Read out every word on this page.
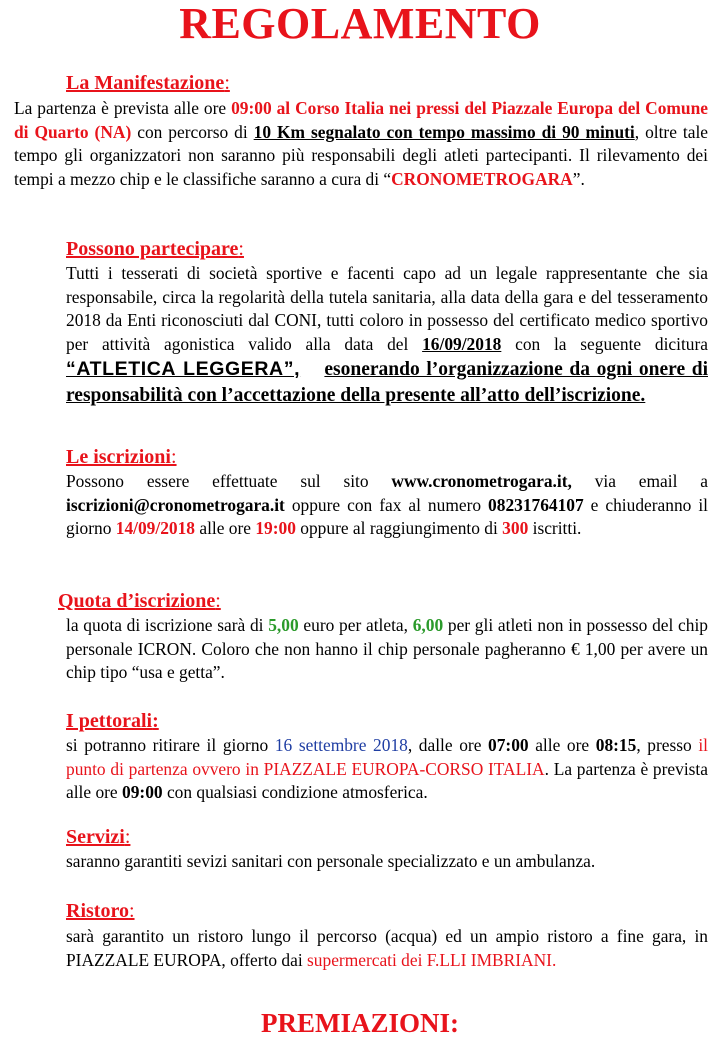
REGOLAMENTO
La Manifestazione:
La partenza è prevista alle ore 09:00 al Corso Italia nei pressi del Piazzale Europa del Comune di Quarto (NA) con percorso di 10 Km segnalato con tempo massimo di 90 minuti, oltre tale tempo gli organizzatori non saranno più responsabili degli atleti partecipanti. Il rilevamento dei tempi a mezzo chip e le classifiche saranno a cura di “CRONOMETROGARA”.
Possono partecipare:
Tutti i tesserati di società sportive e facenti capo ad un legale rappresentante che sia responsabile, circa la regolarità della tutela sanitaria, alla data della gara e del tesseramento 2018 da Enti riconosciuti dal CONI, tutti coloro in possesso del certificato medico sportivo per attività agonistica valido alla data del 16/09/2018 con la seguente dicitura “ATLETICA LEGGERA”, esonerando l’organizzazione da ogni onere di responsabilità con l’accettazione della presente all’atto dell’iscrizione.
Le iscrizioni:
Possono essere effettuate sul sito www.cronometrogara.it, via email a iscrizioni@cronometrogara.it oppure con fax al numero 08231764107 e chiuderanno il giorno 14/09/2018 alle ore 19:00 oppure al raggiungimento di 300 iscritti.
Quota d’iscrizione:
la quota di iscrizione sarà di 5,00 euro per atleta, 6,00 per gli atleti non in possesso del chip personale ICRON. Coloro che non hanno il chip personale pagheranno € 1,00 per avere un chip tipo “usa e getta”.
I pettorali:
si potranno ritirare il giorno 16 settembre 2018, dalle ore 07:00 alle ore 08:15, presso il punto di partenza ovvero in PIAZZALE EUROPA-CORSO ITALIA. La partenza è prevista alle ore 09:00 con qualsiasi condizione atmosferica.
Servizi:
saranno garantiti sevizi sanitari con personale specializzato e un ambulanza.
Ristoro:
sarà garantito un ristoro lungo il percorso (acqua) ed un ampio ristoro a fine gara, in PIAZZALE EUROPA, offerto dai supermercati dei F.LLI IMBRIANI.
PREMIAZIONI:
